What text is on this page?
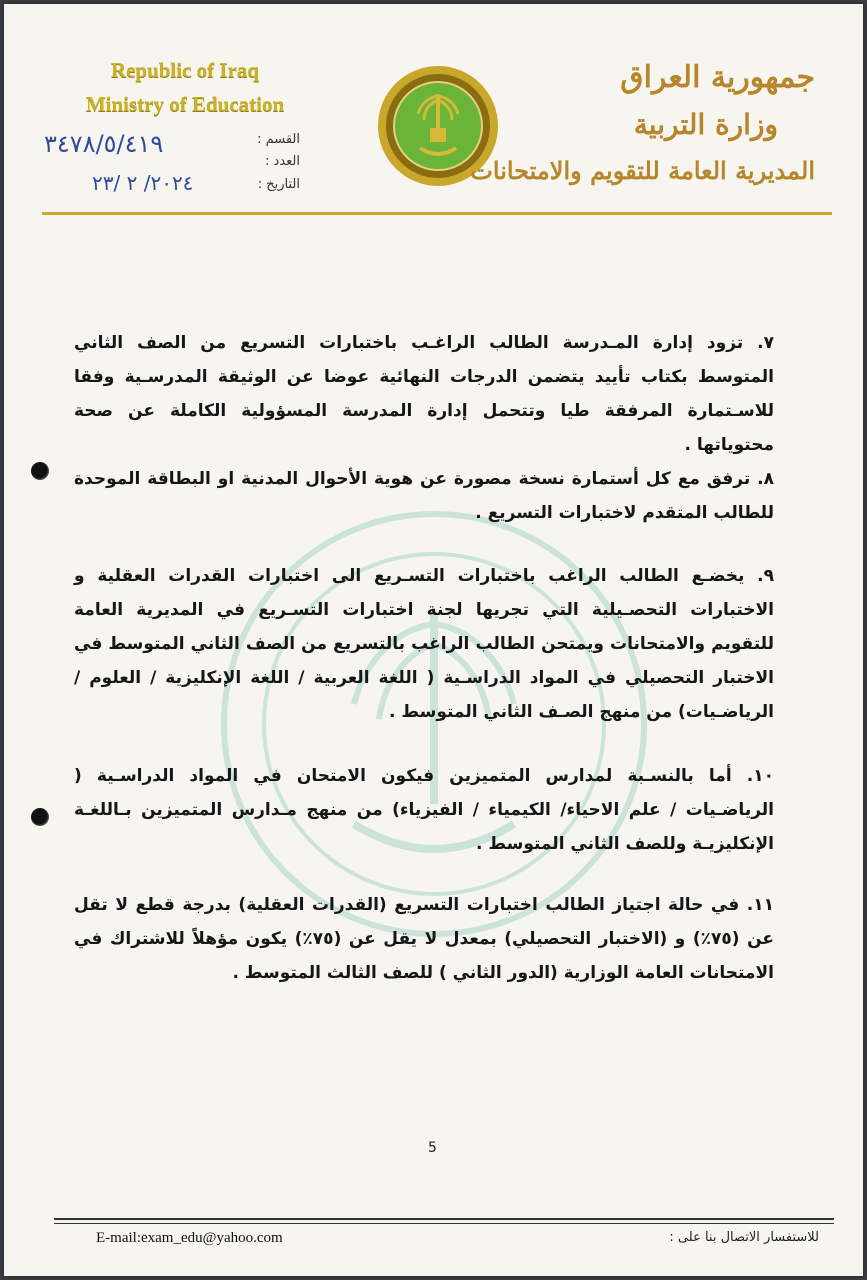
Republic of Iraq
Ministry of Education
القسم :
العدد :
التاريخ :
٣٤٧٨/٥/٤١٩
٢٠٢٤/ ٢ /٢٣
جمهورية العراق
وزارة التربية
المديرية العامة للتقويم والامتحانات
٧. تزود إدارة المـدرسة الطالب الراغـب باختبارات التسريع من الصف الثاني المتوسط بكتاب تأييد يتضمن الدرجات النهائية عوضا عن الوثيقة المدرسـية وفقا للاسـتمارة المرفقة طيا وتتحمل إدارة المدرسة المسؤولية الكاملة عن صحة محتوياتها .
٨. ترفق مع كل أستمارة نسخة مصورة عن هوية الأحوال المدنية او البطاقة الموحدة للطالب المتقدم لاختبارات التسريع .
٩. يخضـع الطالب الراغب باختبارات التسـريع الى اختبارات القدرات العقلية و الاختبارات التحصـيلية التي تجريها لجنة اختبارات التسـريع في المديرية العامة للتقويم والامتحانات ويمتحن الطالب الراغب بالتسريع من الصف الثاني المتوسط في الاختبار التحصيلي في المواد الدراسـية ( اللغة العربية / اللغة الإنكليزية / العلوم / الرياضـيات) من منهج الصـف الثاني المتوسط .
١٠. أما بالنسـبة لمدارس المتميزين فيكون الامتحان في المواد الدراسـية ( الرياضـيات / علم الاحياء/ الكيمياء / الفيزياء) من منهج مـدارس المتميزين بـاللغـة الإنكليزيـة وللصف الثاني المتوسط .
١١. في حالة اجتياز الطالب اختبارات التسريع (القدرات العقلية) بدرجة قطع لا تقل عن (٧٥٪) و (الاختبار التحصيلي) بمعدل لا يقل عن (٧٥٪) يكون مؤهلاً للاشتراك في الامتحانات العامة الوزارية (الدور الثاني ) للصف الثالث المتوسط .
5
E-mail:exam_edu@yahoo.com	للاستفسار الاتصال بنا على :
